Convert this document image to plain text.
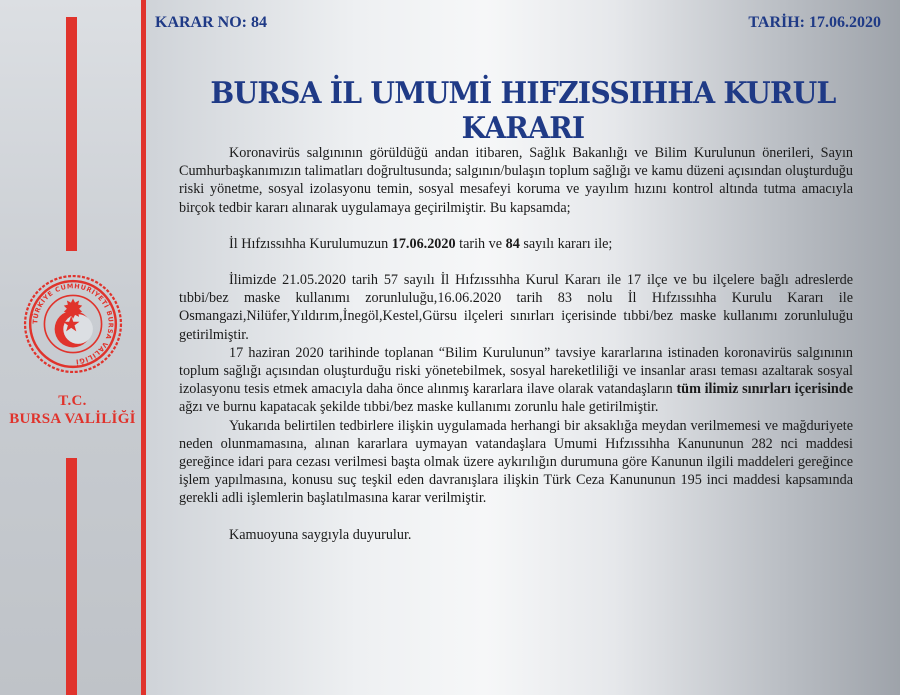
TÜRKİYE CUMHURİYETİ BURSA VALİLİĞİ
T.C.
BURSA VALİLİĞİ
KARAR NO: 84	TARİH: 17.06.2020
BURSA İL UMUMİ HIFZISSIHHA KURUL KARARI

Koronavirüs salgınının görüldüğü andan itibaren, Sağlık Bakanlığı ve Bilim Kurulunun önerileri, Sayın Cumhurbaşkanımızın talimatları doğrultusunda; salgının/bulaşın toplum sağlığı ve kamu düzeni açısından oluşturduğu riski yönetme, sosyal izolasyonu temin, sosyal mesafeyi koruma ve yayılım hızını kontrol altında tutma amacıyla birçok tedbir kararı alınarak uygulamaya geçirilmiştir. Bu kapsamda;

İl Hıfzıssıhha Kurulumuzun 17.06.2020 tarih ve 84 sayılı kararı ile;

İlimizde 21.05.2020 tarih 57 sayılı İl Hıfzıssıhha Kurul Kararı ile 17 ilçe ve bu ilçelere bağlı adreslerde tıbbi/bez maske kullanımı zorunluluğu,16.06.2020 tarih 83 nolu İl Hıfzıssıhha Kurulu Kararı ile Osmangazi,Nilüfer,Yıldırım,İnegöl,Kestel,Gürsu ilçeleri sınırları içerisinde tıbbi/bez maske kullanımı zorunluluğu getirilmiştir.

17 haziran 2020 tarihinde toplanan “Bilim Kurulunun” tavsiye kararlarına istinaden koronavirüs salgınının toplum sağlığı açısından oluşturduğu riski yönetebilmek, sosyal hareketliliği ve insanlar arası teması azaltarak sosyal izolasyonu tesis etmek amacıyla daha önce alınmış kararlara ilave olarak vatandaşların tüm ilimiz sınırları içerisinde ağzı ve burnu kapatacak şekilde tıbbi/bez maske kullanımı zorunlu hale getirilmiştir.

Yukarıda belirtilen tedbirlere ilişkin uygulamada herhangi bir aksaklığa meydan verilmemesi ve mağduriyete neden olunmamasına, alınan kararlara uymayan vatandaşlara Umumi Hıfzıssıhha Kanununun 282 nci maddesi gereğince idari para cezası verilmesi başta olmak üzere aykırılığın durumuna göre Kanunun ilgili maddeleri gereğince işlem yapılmasına, konusu suç teşkil eden davranışlara ilişkin Türk Ceza Kanununun 195 inci maddesi kapsamında gerekli adli işlemlerin başlatılmasına karar verilmiştir.

Kamuoyuna saygıyla duyurulur.
